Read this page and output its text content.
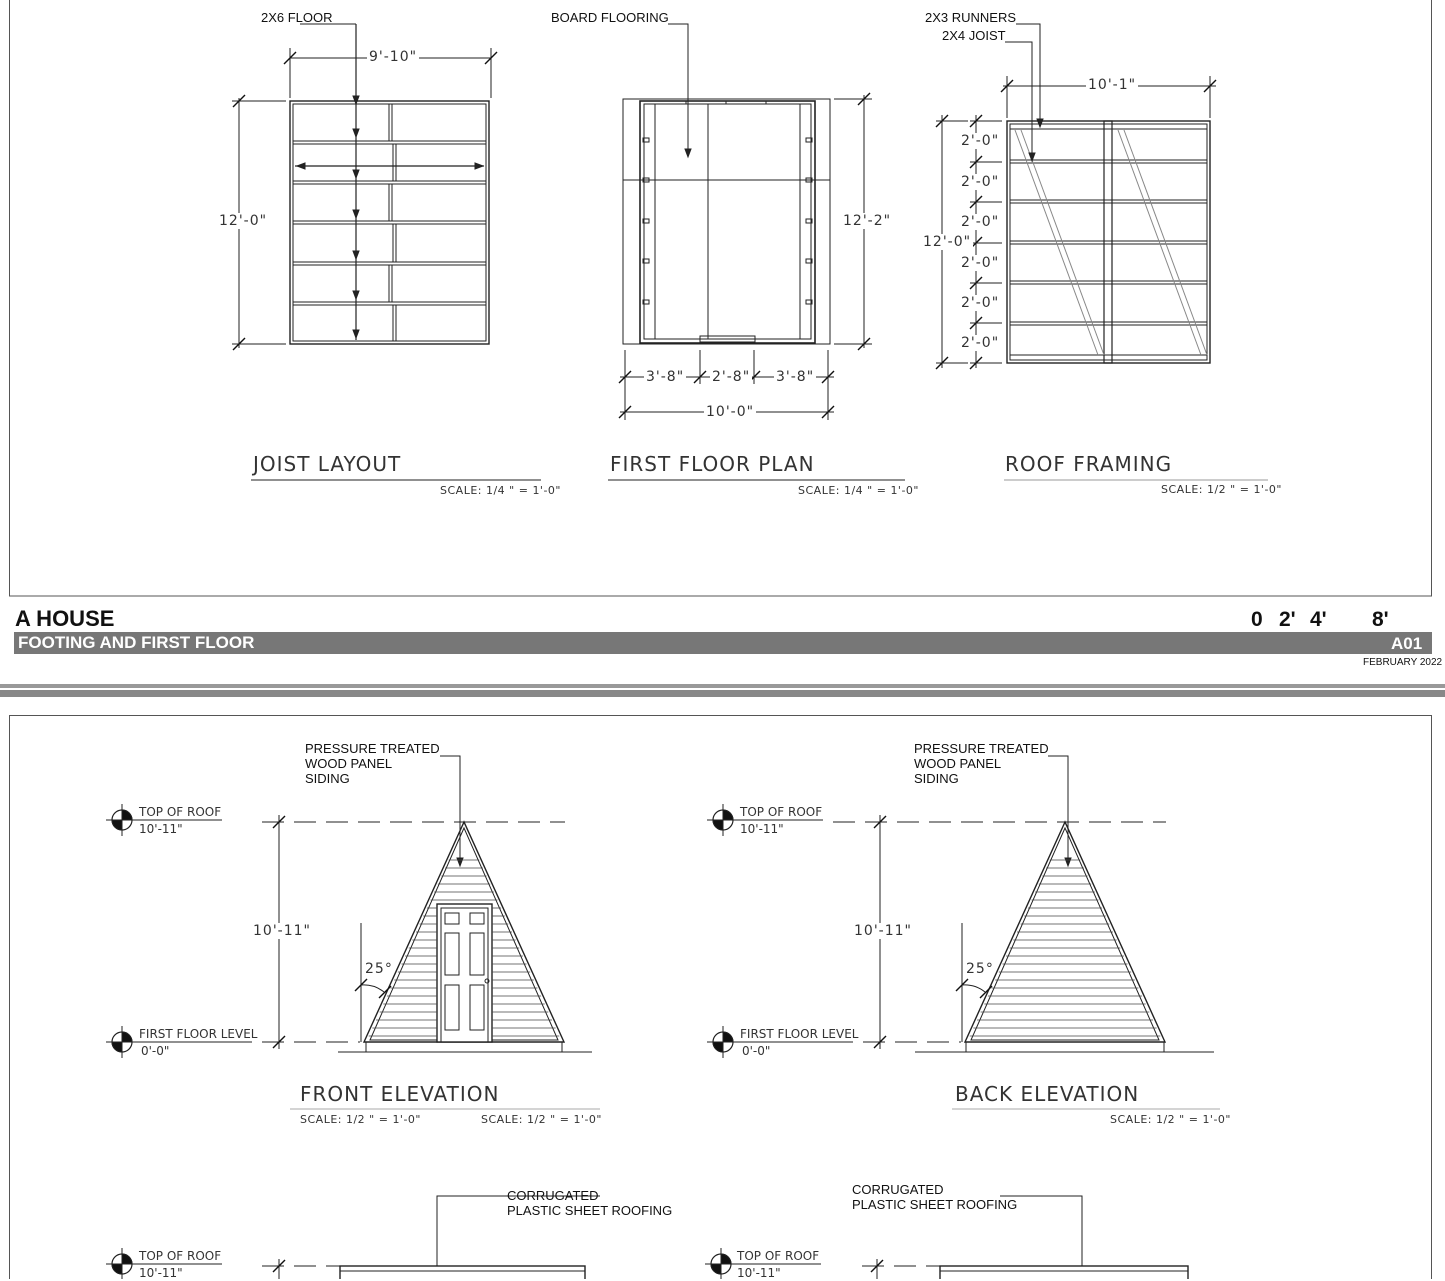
2X6 FLOOR
9'-10"
12'-0"
JOIST LAYOUT
SCALE: 1/4 " = 1'-0"
BOARD FLOORING
12'-2"
3'-8" 2'-8" 3'-8"
10'-0"
FIRST FLOOR PLAN
SCALE: 1/4 " = 1'-0"
2X3 RUNNERS
2X4 JOIST
10'-1"
12'-0"
2'-0"
2'-0"
2'-0"
2'-0"
2'-0"
2'-0"
ROOF FRAMING
SCALE: 1/2 " = 1'-0"
A HOUSE
FOOTING AND FIRST FLOOR	A01
FEBRUARY 2022
0 2' 4' 8'
PRESSURE TREATED
WOOD PANEL
SIDING
TOP OF ROOF
10'-11"
FIRST FLOOR LEVEL
0'-0"
10'-11"
25°
FRONT ELEVATION
SCALE: 1/2 " = 1'-0"	SCALE: 1/2 " = 1'-0"
PRESSURE TREATED
WOOD PANEL
SIDING
TOP OF ROOF
10'-11"
FIRST FLOOR LEVEL
0'-0"
10'-11"
25°
BACK ELEVATION
SCALE: 1/2 " = 1'-0"
CORRUGATED
PLASTIC SHEET ROOFING
TOP OF ROOF
10'-11"
CORRUGATED
PLASTIC SHEET ROOFING
TOP OF ROOF
10'-11"
